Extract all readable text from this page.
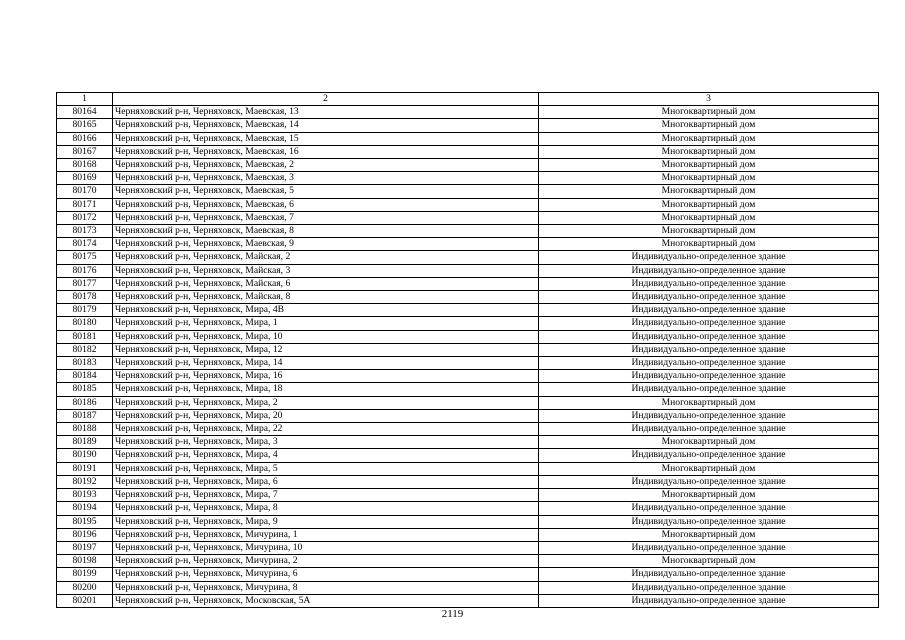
1	2	3
80164	Черняховский р-н, Черняховск, Маевская, 13	Многоквартирный дом
80165	Черняховский р-н, Черняховск, Маевская, 14	Многоквартирный дом
80166	Черняховский р-н, Черняховск, Маевская, 15	Многоквартирный дом
80167	Черняховский р-н, Черняховск, Маевская, 16	Многоквартирный дом
80168	Черняховский р-н, Черняховск, Маевская, 2	Многоквартирный дом
80169	Черняховский р-н, Черняховск, Маевская, 3	Многоквартирный дом
80170	Черняховский р-н, Черняховск, Маевская, 5	Многоквартирный дом
80171	Черняховский р-н, Черняховск, Маевская, 6	Многоквартирный дом
80172	Черняховский р-н, Черняховск, Маевская, 7	Многоквартирный дом
80173	Черняховский р-н, Черняховск, Маевская, 8	Многоквартирный дом
80174	Черняховский р-н, Черняховск, Маевская, 9	Многоквартирный дом
80175	Черняховский р-н, Черняховск, Майская, 2	Индивидуально-определенное здание
80176	Черняховский р-н, Черняховск, Майская, 3	Индивидуально-определенное здание
80177	Черняховский р-н, Черняховск, Майская, 6	Индивидуально-определенное здание
80178	Черняховский р-н, Черняховск, Майская, 8	Индивидуально-определенное здание
80179	Черняховский р-н, Черняховск, Мира, 4В	Индивидуально-определенное здание
80180	Черняховский р-н, Черняховск, Мира, 1	Индивидуально-определенное здание
80181	Черняховский р-н, Черняховск, Мира, 10	Индивидуально-определенное здание
80182	Черняховский р-н, Черняховск, Мира, 12	Индивидуально-определенное здание
80183	Черняховский р-н, Черняховск, Мира, 14	Индивидуально-определенное здание
80184	Черняховский р-н, Черняховск, Мира, 16	Индивидуально-определенное здание
80185	Черняховский р-н, Черняховск, Мира, 18	Индивидуально-определенное здание
80186	Черняховский р-н, Черняховск, Мира, 2	Многоквартирный дом
80187	Черняховский р-н, Черняховск, Мира, 20	Индивидуально-определенное здание
80188	Черняховский р-н, Черняховск, Мира, 22	Индивидуально-определенное здание
80189	Черняховский р-н, Черняховск, Мира, 3	Многоквартирный дом
80190	Черняховский р-н, Черняховск, Мира, 4	Индивидуально-определенное здание
80191	Черняховский р-н, Черняховск, Мира, 5	Многоквартирный дом
80192	Черняховский р-н, Черняховск, Мира, 6	Индивидуально-определенное здание
80193	Черняховский р-н, Черняховск, Мира, 7	Многоквартирный дом
80194	Черняховский р-н, Черняховск, Мира, 8	Индивидуально-определенное здание
80195	Черняховский р-н, Черняховск, Мира, 9	Индивидуально-определенное здание
80196	Черняховский р-н, Черняховск, Мичурина, 1	Многоквартирный дом
80197	Черняховский р-н, Черняховск, Мичурина, 10	Индивидуально-определенное здание
80198	Черняховский р-н, Черняховск, Мичурина, 2	Многоквартирный дом
80199	Черняховский р-н, Черняховск, Мичурина, 6	Индивидуально-определенное здание
80200	Черняховский р-н, Черняховск, Мичурина, 8	Индивидуально-определенное здание
80201	Черняховский р-н, Черняховск, Московская, 5А	Индивидуально-определенное здание
2119
